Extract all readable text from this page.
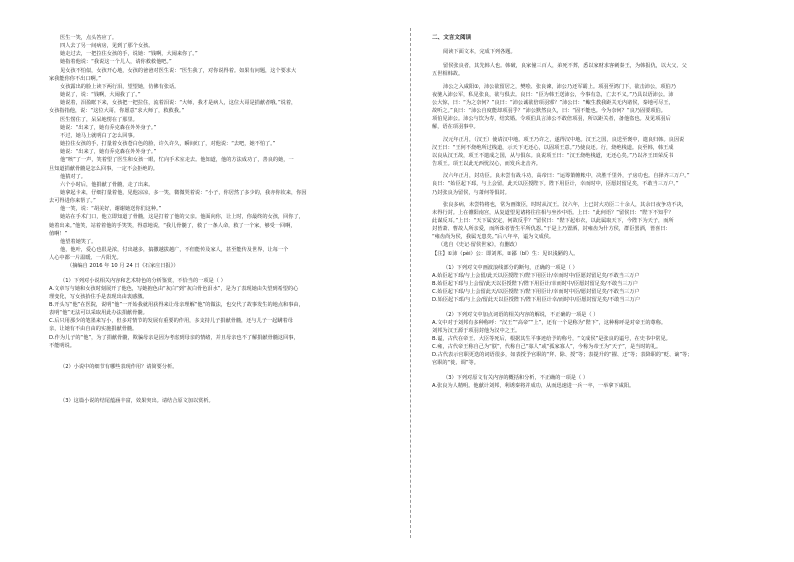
医生一笑，点头答应了。

四人去了另一间病房，见到了那个女孩。

她走过去，一把拉住女孩的手，说她：“钱啊，大闹来你了。”

她指着他说：“我说这一个儿人，请你救救他吧。”

见女孩不怕似，女孩开心地，女孩的爸爸对医生说：“医生我了，对你说得着。如果有问题，这个要求大

家我能你你不出口啊。”

女孩露出的脸上读下两行泪，望望她，仿佛有张话。

她说了，说：“钱啊，大闹我了了。”

她说着，泪盈眶下来，女孩把一把拉住，流着泪说：“大师，我才是病人，这位大哥是捐献者哦。”说着，

女孩指指他，说：“这位大哥，你愿意“求大师了，救救我。”

医生愣住了，呆呆地愣在了那里。

她说：“出来了，她有乔克森在外外身子。”

不过，她马上就明白了怎么回事。

她拉住女孩的手，打量着女孩苍白色的脸，许久许久，瞬间红了，对他说：“去吧，她不怕了。”

她说：“出来了，她有乔克森在外外身子。”

他“咳”了一声，笑着望了医生和女孩一眼，忙向手术室走去。他知道，他的方法成功了，善良的她，一

旦知道捐献骨髓是怎么回事，一定不会拒绝的。

他猜对了。

六个小时后，他捐献了骨髓，走了出来。

她拿起卡来，仔细打量着他，见他凉凉，多一笑，微微哭着说：“小子，你居然了多少的，我亦你钦来，你因

去可得进你来帮了。”

他一笑，说：“胡美好，谢谢她送你们这种。”

她站在手术门口，他立即知道了骨髓，这是打着了他的父亲。他面向你，让上时，你最终的女孩，回你了，

她着出来。”他笑，站着着他的手笑笑，得意地说，“我儿骨髓了，救了一条人命，救了一个家，够受一回啊，

值啊！”

他望着她笑了。

他，他叶，爱心也很是浓，付出越多，搞撒越拔越广，不但能传及家人，甚至能传及世界，让每一个

人心中都一片温暖、一片阳光。

（摘编自 2016 年 10 月 24 日《石家庄日报》）

（1）下列对小说相关内容和艺术特色的分析鉴赏，不恰当的一项是（ ）

A.文章写与她和女孩时刻展开了他色，写她抱色由“灰白”到“灰白骨色泪水”，是为了表现她由失望到希望的心

理变化，写女孩抬住手是表现出由衷感激。

B.开头写“他”在医院，说明“他”一开始我就用获得来让母亲理解“他”的做法，也交代了故事发生的地点和事由，

表明“他”无法可以采取用此办法捐献骨髓。

C.后只用那少的笔墨来写小，但多对情节的发展有重要的作用，多支持儿子捐献骨髓，还与儿子一起瞒着母

亲，让她有不由自由的实施捐献骨髓。

D.作为儿子的“他”，为了捐献骨髓，欺骗母亲是因为考虑到母亲的情绪，并且母亲也不了解捐献骨髓这回事，

不能明说。

（2）小说中的细节有哪些表现作用？请简要分析。

（3）这篇小说的结尾蕴涵丰富，效果突出。请结合原文加以赏析。

二、文言文阅读

阅读下面文本，完成下列各题。

留侯张良者，其先韩人也。韩破，良家僮三百人，弟死不葬，悉以家财求客刺秦王，为韩报仇，以大父、父

五世相韩故。

沛公之入咸阳①，沛公欲留居之，樊哙、张良谏，沛公乃还军霸上。项羽至鸿门下，欲击沛公，项伯乃

夜驰入沛公军，私见张良，欲与俱去。良曰：“臣为韩王送沛公，今事有急，亡去不义。”乃具以语沛公。沛

公大惊，曰：“为之奈何？”良曰：“沛公诚欲倍项羽邪？”沛公曰：“鲰生教我距关无内诸侯，秦地可尽王，

故听之。”良曰：“沛公自度能却项羽乎？”沛公默然良久，曰：“固不能也。今为奈何？”良乃固要项伯。

项伯见沛公。沛公与饮为寿，结宾婚。令项伯具言沛公不敢倍项羽，所以距关者，备他盗也。及见项羽后

解，语在项羽事中。

汉元年正月，（汉王）使请汉中地。项王乃许之，遂得汉中地。汉王之国，良送至褒中，遣良归韩。良因说

汉王曰：“王何不烧绝所过栈道，示天下无还心，以固项王意。”乃使良还。行，烧绝栈道。良至韩，韩王成

以良从汉王故，项王不遣成之国，从与俱东。良说项王曰：“汉王烧绝栈道，无还心矣。”乃以齐王田荣反书

告项王。项王以此无西忧汉心，而发兵北击齐。

汉六年正月，封功臣。良未尝有战斗功，高帝曰：“运筹策帷帐中，决胜千里外，子房功也。自择齐三万户。”

良曰：“始臣起下邳，与上会留，此天以臣授陛下。陛下用臣计，幸而时中，臣愿封留足矣，不敢当三万户。”

乃封张良为留侯，与萧何等俱封。

张良多病，未尝特将也，常为画策臣，时时从汉王。汉六年，上已封大功臣二十余人，其余日夜争功不决，

未得行封。上在雒阳南宫，从复道望见诸将往往相与坐沙中语。上曰：“此何语？”留侯曰：“陛下不知乎？

此谋反耳。”上曰：“天下属安定，何故反乎？”留侯曰：“陛下起布衣，以此属取天下，今陛下为天子，而所

封皆萧、曹故人所亲爱，而所诛者皆生平所仇怨。”于是上乃置酒，封雍齿为什方侯，群臣罢酒，皆喜曰：

“雍齿尚为侯，我属无患矣。”后八年卒，谥为文成侯。

（选自《史记·留侯世家》，有删改）

【注】①沛（pèi）公：即刘邦。②鄙（bǐ）生：见识浅陋的人。

（1）下列对文中画波浪线部分的断句，正确的一项是（ ）

A.始臣起下邳/与上会留/此天以臣授陛下/陛下用臣计/幸而时中/臣愿封留足矣/不敢当三万户

B.始臣起下邳与上会留/此天以臣授陛下/陛下用臣计/幸而时中/臣愿封留足矣/不敢当三万户

C.始臣起下邳/与上会留此天/以臣授陛下/陛下用臣计/幸而时中臣/愿封留足矣/不敢当三万户

D.始臣起下邳/与上会/留此天以臣授陛下/陛下用臣计幸/而时中/臣愿封留足矣/不敢当三万户

（2）下列对文中加点词语的相关内容的解说，不正确的一项是（ ）

A.文中对于刘邦有多种称呼：“汉王”“高帝”“上”，还有一个是称为“陛下”，这种称呼是对帝王的尊称。

刘邦为汉王源于项羽封他为汉中之王。

B.谥，古代在帝王、大臣等死后，根据其生平事迹给予的称号，“文成侯”是张良的谥号，在史书中常见。

C.雍，古代帝王称自己为“朕”，代称自己“寡人”或“孤家寡人”，今称为帝王为“天子”，是当时的礼。

D.古代表示官职更迭的词语很多，如表授予官职的“拜、除、授”等；表提升的“擢、迁”等；表降职的“贬、谪”等；

官职的“徙、调”等。

（3）下列对原文有关内容的概括和分析，不正确的一项是（ ）

A.张良为人精明。他献计刘邦，利诱秦将并成功，从而迅速进一兵一卒，一举拿下咸阳。
